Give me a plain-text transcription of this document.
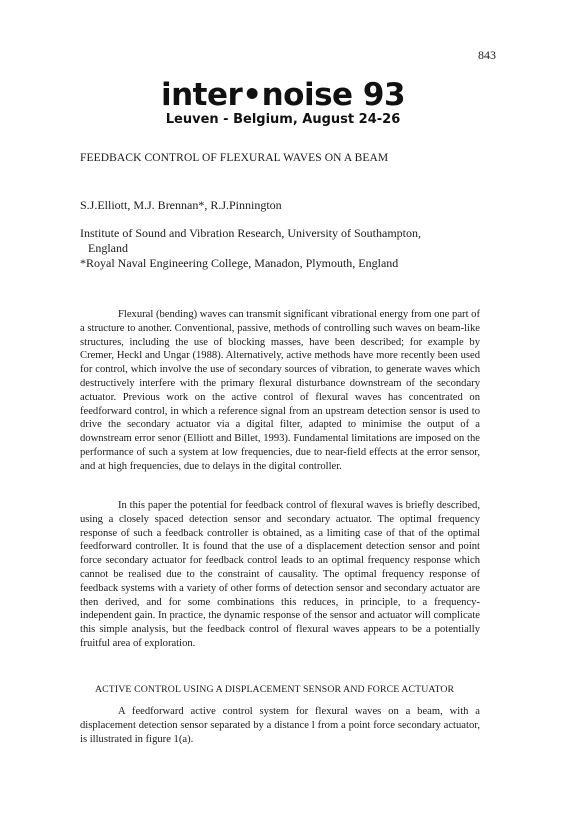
843
inter•noise 93
Leuven - Belgium, August 24-26
FEEDBACK CONTROL OF FLEXURAL WAVES ON A BEAM
S.J.Elliott, M.J. Brennan*, R.J.Pinnington
Institute of Sound and Vibration Research, University of Southampton,
England
*Royal Naval Engineering College, Manadon, Plymouth, England

Flexural (bending) waves can transmit significant vibrational energy from one part of a structure to another. Conventional, passive, methods of controlling such waves on beam-like structures, including the use of blocking masses, have been described; for example by Cremer, Heckl and Ungar (1988). Alternatively, active methods have more recently been used for control, which involve the use of secondary sources of vibration, to generate waves which destructively interfere with the primary flexural disturbance downstream of the secondary actuator. Previous work on the active control of flexural waves has concentrated on feedforward control, in which a reference signal from an upstream detection sensor is used to drive the secondary actuator via a digital filter, adapted to minimise the output of a downstream error senor (Elliott and Billet, 1993). Fundamental limitations are imposed on the performance of such a system at low frequencies, due to near-field effects at the error sensor, and at high frequencies, due to delays in the digital controller.

In this paper the potential for feedback control of flexural waves is briefly described, using a closely spaced detection sensor and secondary actuator. The optimal frequency response of such a feedback controller is obtained, as a limiting case of that of the optimal feedforward controller. It is found that the use of a displacement detection sensor and point force secondary actuator for feedback control leads to an optimal frequency response which cannot be realised due to the constraint of causality. The optimal frequency response of feedback systems with a variety of other forms of detection sensor and secondary actuator are then derived, and for some combinations this reduces, in principle, to a frequency-independent gain. In practice, the dynamic response of the sensor and actuator will complicate this simple analysis, but the feedback control of flexural waves appears to be a potentially fruitful area of exploration.

ACTIVE CONTROL USING A DISPLACEMENT SENSOR AND FORCE ACTUATOR

A feedforward active control system for flexural waves on a beam, with a displacement detection sensor separated by a distance l from a point force secondary actuator, is illustrated in figure 1(a).
